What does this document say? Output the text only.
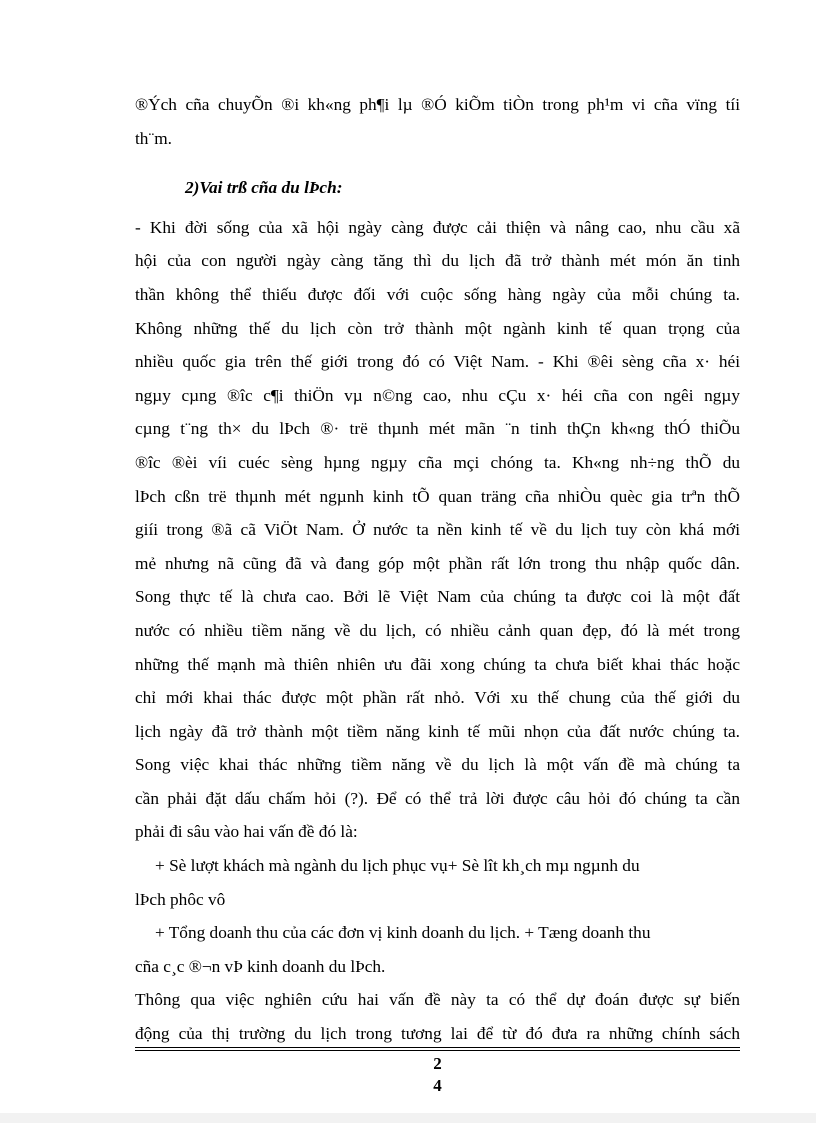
®Ých cña chuyÕn ®i kh«ng ph¶i lµ ®Ó kiÕm tiÒn trong ph¹m vi cña vïng tíi
th¨m.
2)Vai trß cña du lÞch:
- Khi đời sống của xã hội ngày càng được cải thiện và nâng cao, nhu cầu xã
hội của con người ngày càng tăng thì du lịch đã trở thành mét món ăn tinh
thần không thể thiếu được đối với cuộc sống hàng ngày của mỗi chúng ta.
Không những thế du lịch còn trở thành một ngành kinh tế quan trọng của
nhiều quốc gia trên thế giới trong đó có Việt Nam. - Khi ®êi sèng cña x· héi
ngµy cµng ®îc c¶i thiÖn vµ n©ng cao, nhu cÇu x· héi cña con ngêi ngµy
cµng t¨ng th× du lÞch ®· trë thµnh mét mãn ¨n tinh thÇn kh«ng thÓ thiÕu
®îc ®èi víi cuéc sèng hµng ngµy cña mçi chóng ta. Kh«ng nh÷ng thÕ du
lÞch cßn trë thµnh mét ngµnh kinh tÕ quan träng cña nhiÒu quèc gia trªn thÕ
giíi trong ®ã cã ViÖt Nam. Ở nước ta nền kinh tế về du lịch tuy còn khá mới
mẻ nhưng nã cũng đã và đang góp một phần rất lớn trong thu nhập quốc dân.
Song thực tế là chưa cao. Bởi lẽ Việt Nam của chúng ta được coi là một đất
nước có nhiều tiềm năng về du lịch, có nhiều cảnh quan đẹp, đó là mét trong
những thế mạnh mà thiên nhiên ưu đãi xong chúng ta chưa biết khai thác hoặc
chỉ mới khai thác được một phần rất nhỏ. Với xu thế chung của thế giới du
lịch ngày đã trở thành một tiềm năng kinh tế mũi nhọn của đất nước chúng ta.
Song việc khai thác những tiềm năng về du lịch là một vấn đề mà chúng ta
cần phải đặt dấu chấm hỏi (?). Để có thể trả lời được câu hỏi đó chúng ta cần
phải đi sâu vào hai vấn đề đó là:
+ Sè lượt khách mà ngành du lịch phục vụ+ Sè lît kh¸ch mµ ngµnh du
lÞch phôc vô
+ Tổng doanh thu của các đơn vị kinh doanh du lịch. + Tæng doanh thu
cña c¸c ®¬n vÞ kinh doanh du lÞch.
Thông qua việc nghiên cứu hai vấn đề này ta có thể dự đoán được sự biến
động của thị trường du lịch trong tương lai để từ đó đưa ra những chính sách
2
4
